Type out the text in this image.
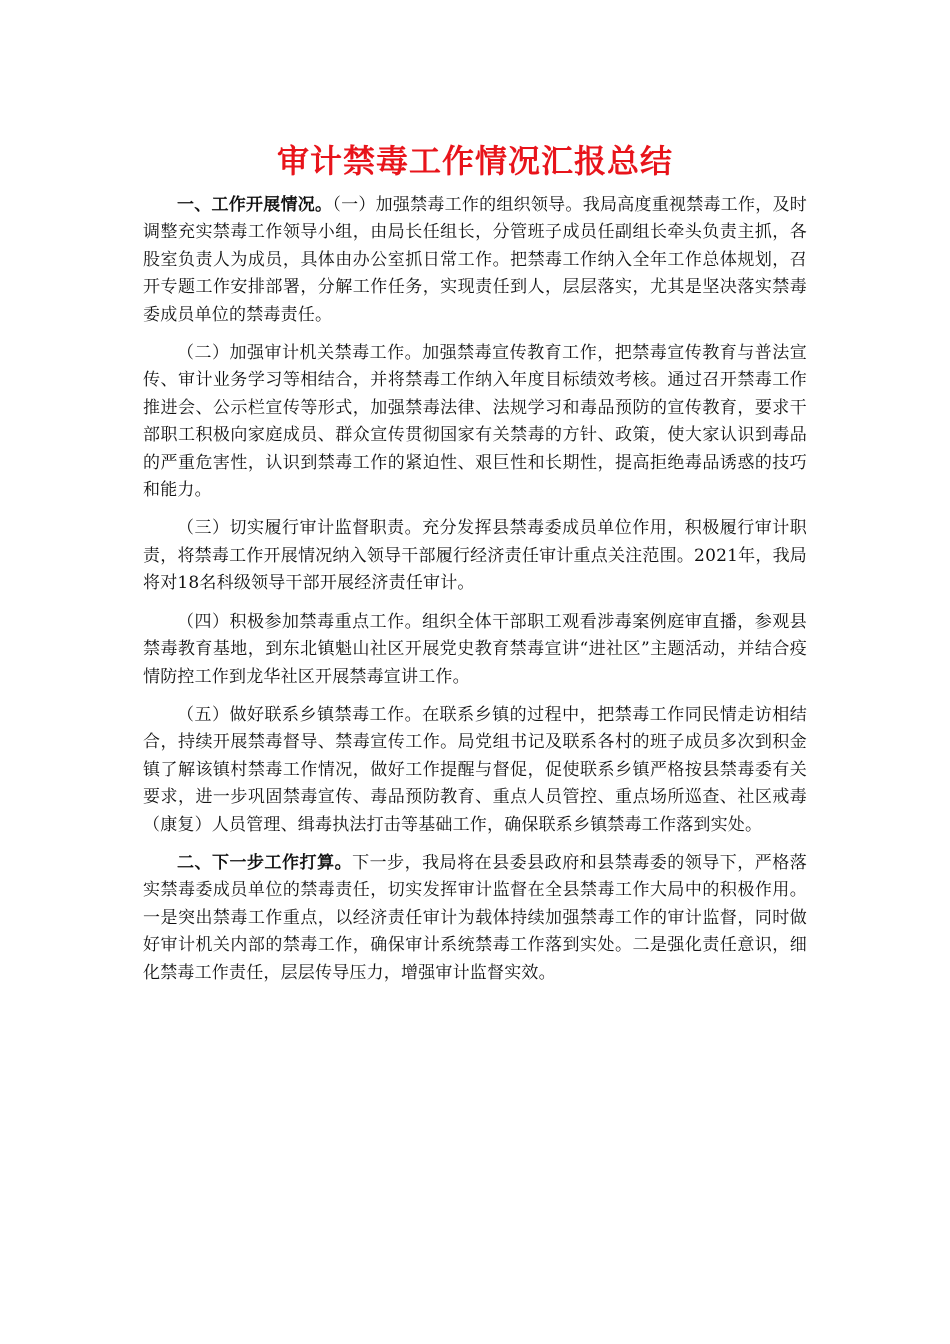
审计禁毒工作情况汇报总结

一、工作开展情况。（一）加强禁毒工作的组织领导。我局高度重视禁毒工作，及时调整充实禁毒工作领导小组，由局长任组长，分管班子成员任副组长牵头负责主抓，各股室负责人为成员，具体由办公室抓日常工作。把禁毒工作纳入全年工作总体规划，召开专题工作安排部署，分解工作任务，实现责任到人，层层落实，尤其是坚决落实禁毒委成员单位的禁毒责任。

（二）加强审计机关禁毒工作。加强禁毒宣传教育工作，把禁毒宣传教育与普法宣传、审计业务学习等相结合，并将禁毒工作纳入年度目标绩效考核。通过召开禁毒工作推进会、公示栏宣传等形式，加强禁毒法律、法规学习和毒品预防的宣传教育，要求干部职工积极向家庭成员、群众宣传贯彻国家有关禁毒的方针、政策，使大家认识到毒品的严重危害性，认识到禁毒工作的紧迫性、艰巨性和长期性，提高拒绝毒品诱惑的技巧和能力。

（三）切实履行审计监督职责。充分发挥县禁毒委成员单位作用，积极履行审计职责，将禁毒工作开展情况纳入领导干部履行经济责任审计重点关注范围。2021年，我局将对18名科级领导干部开展经济责任审计。

（四）积极参加禁毒重点工作。组织全体干部职工观看涉毒案例庭审直播，参观县禁毒教育基地，到东北镇魁山社区开展党史教育禁毒宣讲“进社区”主题活动，并结合疫情防控工作到龙华社区开展禁毒宣讲工作。

（五）做好联系乡镇禁毒工作。在联系乡镇的过程中，把禁毒工作同民情走访相结合，持续开展禁毒督导、禁毒宣传工作。局党组书记及联系各村的班子成员多次到积金镇了解该镇村禁毒工作情况，做好工作提醒与督促，促使联系乡镇严格按县禁毒委有关要求，进一步巩固禁毒宣传、毒品预防教育、重点人员管控、重点场所巡查、社区戒毒（康复）人员管理、缉毒执法打击等基础工作，确保联系乡镇禁毒工作落到实处。

二、下一步工作打算。下一步，我局将在县委县政府和县禁毒委的领导下，严格落实禁毒委成员单位的禁毒责任，切实发挥审计监督在全县禁毒工作大局中的积极作用。一是突出禁毒工作重点，以经济责任审计为载体持续加强禁毒工作的审计监督，同时做好审计机关内部的禁毒工作，确保审计系统禁毒工作落到实处。二是强化责任意识，细化禁毒工作责任，层层传导压力，增强审计监督实效。
